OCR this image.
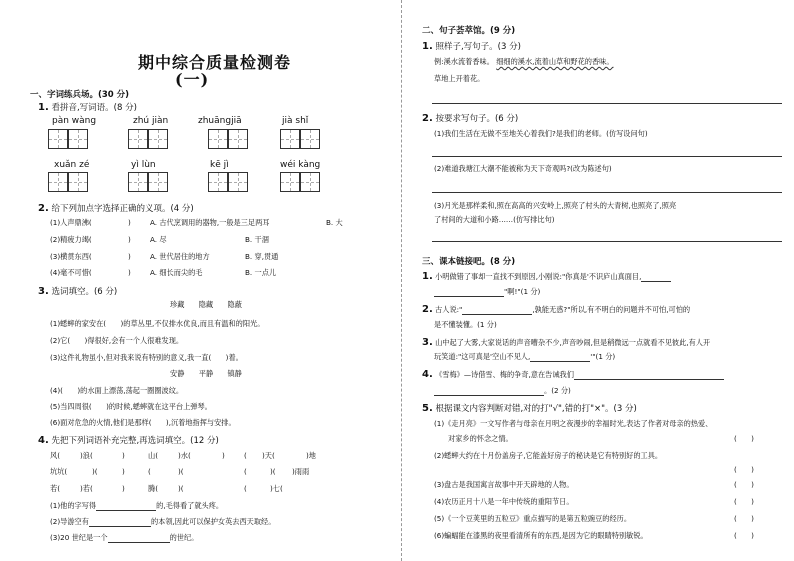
期中综合质量检测卷
(一)
一、字词练兵场。(30 分)
1. 看拼音,写词语。(8 分)
pàn wàng	zhú jiàn	zhuāngjiā	jià shǐ
xuǎn zé	yì lùn	kē jì	wéi kàng
2. 给下列加点字选择正确的义项。(4 分)
(1)人声鼎沸(	)	A. 古代烹调用的器物,一般是三足两耳	B. 大
(2)精疲力竭(	)	A. 尽	B. 干涸
(3)横贯东西(	)	A. 世代居住的地方	B. 穿,贯通
(4)毫不可惜(	)	A. 细长而尖的毛	B. 一点儿
3. 选词填空。(6 分)
珍藏　　隐藏　　隐蔽
(1)蟋蟀的家安在(　　)的草丛里,不仅排水优良,而且有温和的阳光。
(2)它(　　)得很好,会有一个人很难发现。
(3)这件礼物虽小,但对我来说有特别的意义,我一直(　　)着。
安静　　平静　　镇静
(4)(　　)的水面上漂荡,荡起一圈圈波纹。
(5)当四周很(　　)的时候,蟋蟀就在这平台上弹琴。
(6)面对危急的火情,他们是那样(　　),沉着地指挥与安排。
4. 先把下列词语补充完整,再选词填空。(12 分)
风(	)浪(	)	山(	)水(	)	( )天(	)地
坑坑(	)(	)	(	)(	(	)( )雨雨
若(	)若(	)	腾(	)(	(	)七(
(1)他的字写得	的,毛得看了就头疼。
(2)导游空有	的本领,因此可以保护女英去西天取经。
(3)20 世纪是一个	的世纪。
二、句子荟萃馆。(9 分)
1. 照样子,写句子。(3 分)
例:溪水流着香味。 细细的溪水,流着山草和野花的香味。
草地上开着花。
2. 按要求写句子。(6 分)
(1)我们生活在无做不至地关心着我们?是我们的老师。(仿写设问句)
(2)难道我塘江大潮不能被称为天下奇观吗?(改为陈述句)
(3)月光是那样柔和,照在高高的兴安岭上,照亮了村头的大青树,也照亮了,照亮
了村间的大道和小路……(仿写排比句)
三、课本链接吧。(8 分)
1. 小明做错了事却一直找不到原因,小刚说:"你真是'不识庐山真面目,
"啊!"(1 分)
2. 古人说:"	,孰能无惑?"所以,有不明白的问题并不可怕,可怕的
是不懂装懂。(1 分)
3. 山中起了大雾,大家说话的声音嘈杂不少,声音吵闹,但是稍微远一点就看不见彼此,有人开
玩笑道:"这可真是'空山不见人,	'"(1 分)
4. 《雪梅》—诗借雪、梅的争奇,意在告诫我们
。(2 分)
5. 根据课文内容判断对错,对的打"√",错的打"×"。(3 分)
(1)《走月亮》一文写作者与母亲在月明之夜漫步的幸福时光,表达了作者对母亲的热爱、
对家乡的怀念之情。	(　　)
(2)蟋蟀大约在十月份盖房子,它能盖好房子的秘诀是它有特别好的工具。
(　　)
(3)盘古是我国寓言故事中开天辟地的人物。	(　　)
(4)农历正月十八是一年中传统的重阳节日。	(　　)
(5)《一个豆荚里的五粒豆》重点描写的是第五粒豌豆的经历。	(　　)
(6)蝙蝠能在漆黑的夜里看清所有的东西,是因为它的眼睛特别敏锐。	(　　)
